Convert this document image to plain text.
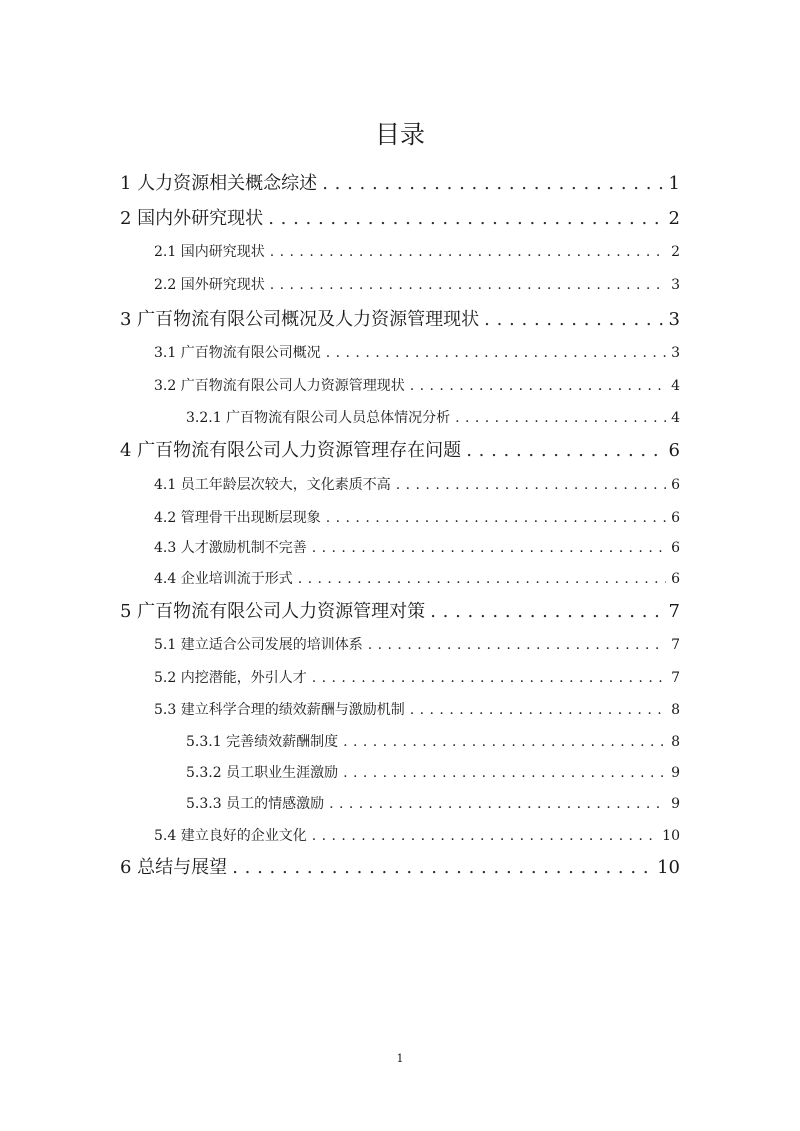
目录
1 人力资源相关概念综述 . . .	1
2 国内外研究现状 . . .	2
2.1 国内研究现状 . . .	2
2.2 国外研究现状 . . .	3
3 广百物流有限公司概况及人力资源管理现状 . . .	3
3.1 广百物流有限公司概况 . . .	3
3.2 广百物流有限公司人力资源管理现状 . . .	4
3.2.1 广百物流有限公司人员总体情况分析 . . .	4
4 广百物流有限公司人力资源管理存在问题 . . .	6
4.1 员工年龄层次较大，文化素质不高 . . .	6
4.2 管理骨干出现断层现象 . . .	6
4.3 人才激励机制不完善 . . .	6
4.4 企业培训流于形式 . . .	6
5 广百物流有限公司人力资源管理对策 . . .	7
5.1 建立适合公司发展的培训体系 . . .	7
5.2 内挖潜能，外引人才 . . .	7
5.3 建立科学合理的绩效薪酬与激励机制 . . .	8
5.3.1 完善绩效薪酬制度 . . .	8
5.3.2 员工职业生涯激励 . . .	9
5.3.3 员工的情感激励 . . .	9
5.4 建立良好的企业文化 . . .	10
6 总结与展望 . . .	10
1
